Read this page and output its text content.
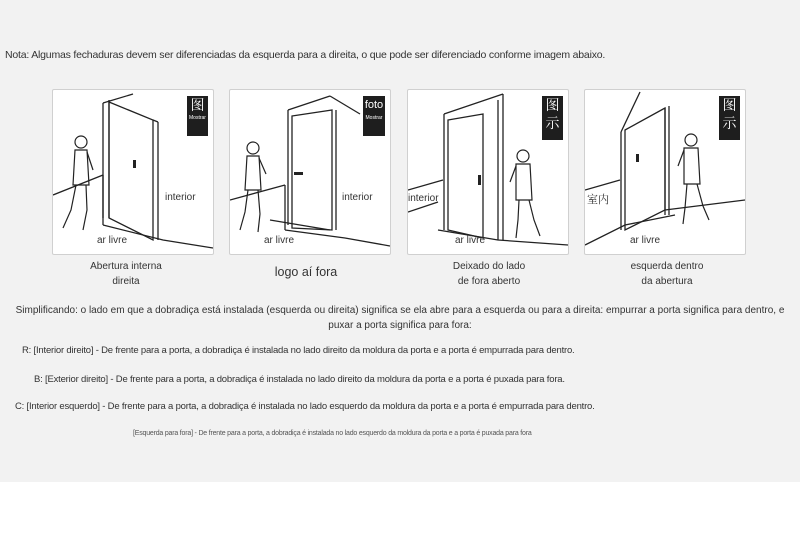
Nota: Algumas fechaduras devem ser diferenciadas da esquerda para a direita, o que pode ser diferenciado conforme imagem abaixo.
图
Mostrar
interior
ar livre
foto
Mostrar
interior
ar livre
图
示
interior
ar livre
图
示
室内
ar livre
Abertura interna
direita
logo aí fora	Deixado do lado
de fora aberto
esquerda dentro
da abertura
Simplificando: o lado em que a dobradiça está instalada (esquerda ou direita) significa se ela abre para a esquerda ou para a direita: empurrar a porta significa para dentro, e puxar a porta significa para fora:
R: [Interior direito] - De frente para a porta, a dobradiça é instalada no lado direito da moldura da porta e a porta é empurrada para dentro.
B: [Exterior direito] - De frente para a porta, a dobradiça é instalada no lado direito da moldura da porta e a porta é puxada para fora.
C: [Interior esquerdo] - De frente para a porta, a dobradiça é instalada no lado esquerdo da moldura da porta e a porta é empurrada para dentro.
[Esquerda para fora] - De frente para a porta, a dobradiça é instalada no lado esquerdo da moldura da porta e a porta é puxada para fora
